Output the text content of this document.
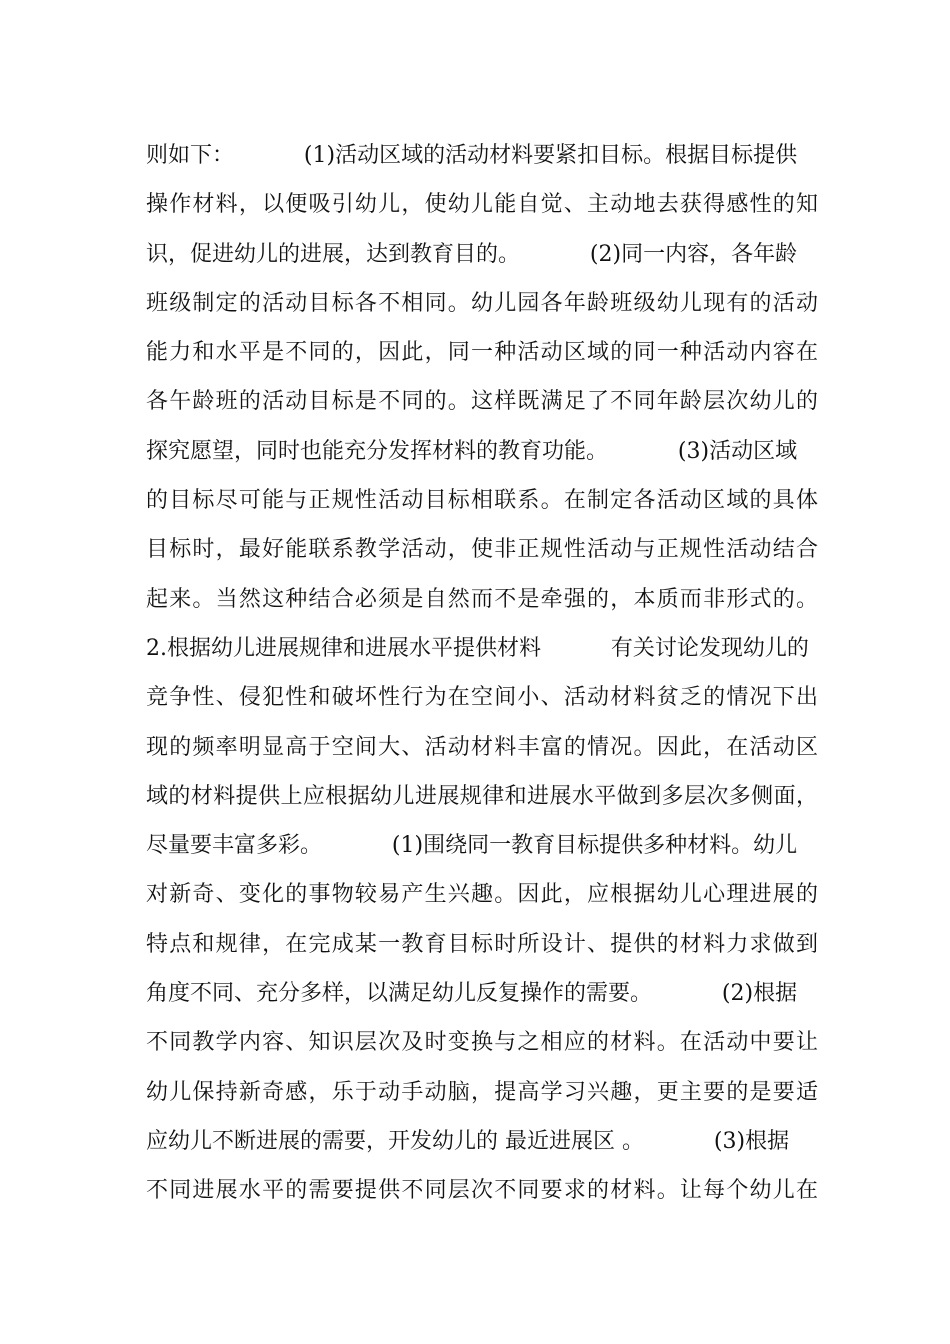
则如下：          (1)活动区域的活动材料要紧扣目标。根据目标提供
操作材料，以便吸引幼儿，使幼儿能自觉、主动地去获得感性的知
识，促进幼儿的进展，达到教育目的。          (2)同一内容，各年龄
班级制定的活动目标各不相同。幼儿园各年龄班级幼儿现有的活动
能力和水平是不同的，因此，同一种活动区域的同一种活动内容在
各午龄班的活动目标是不同的。这样既满足了不同年龄层次幼儿的
探究愿望，同时也能充分发挥材料的教育功能。          (3)活动区域
的目标尽可能与正规性活动目标相联系。在制定各活动区域的具体
目标时，最好能联系教学活动，使非正规性活动与正规性活动结合
起来。当然这种结合必须是自然而不是牵强的，本质而非形式的。
2.根据幼儿进展规律和进展水平提供材料          有关讨论发现幼儿的
竞争性、侵犯性和破坏性行为在空间小、活动材料贫乏的情况下出
现的频率明显高于空间大、活动材料丰富的情况。因此，在活动区
域的材料提供上应根据幼儿进展规律和进展水平做到多层次多侧面，
尽量要丰富多彩。          (1)围绕同一教育目标提供多种材料。幼儿
对新奇、变化的事物较易产生兴趣。因此，应根据幼儿心理进展的
特点和规律，在完成某一教育目标时所设计、提供的材料力求做到
角度不同、充分多样，以满足幼儿反复操作的需要。          (2)根据
不同教学内容、知识层次及时变换与之相应的材料。在活动中要让
幼儿保持新奇感，乐于动手动脑，提高学习兴趣，更主要的是要适
应幼儿不断进展的需要，开发幼儿的 最近进展区 。          (3)根据
不同进展水平的需要提供不同层次不同要求的材料。让每个幼儿在
